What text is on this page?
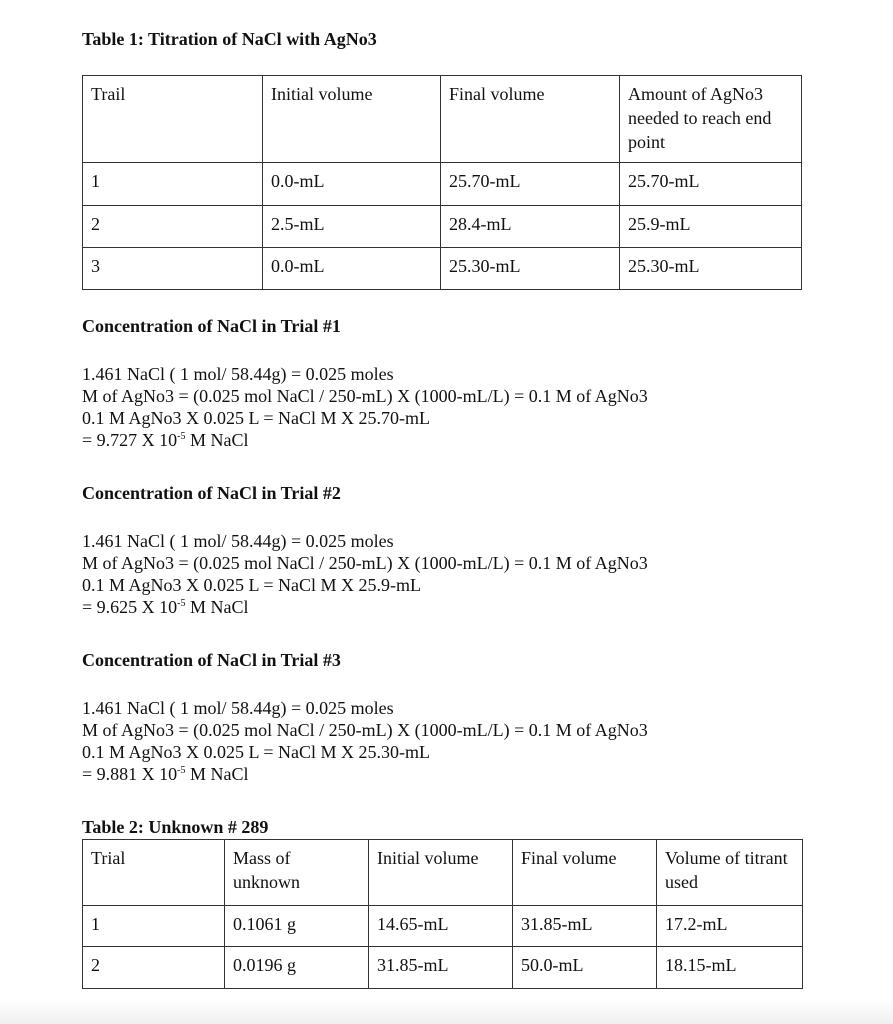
Table 1: Titration of NaCl with AgNo3
Trail	Initial volume	Final volume	Amount of AgNo3 needed to reach end point
1	0.0-mL	25.70-mL	25.70-mL
2	2.5-mL	28.4-mL	25.9-mL
3	0.0-mL	25.30-mL	25.30-mL
Concentration of NaCl in Trial #1
1.461 NaCl ( 1 mol/ 58.44g) = 0.025 moles
M of AgNo3 = (0.025 mol NaCl / 250-mL) X (1000-mL/L) = 0.1 M of AgNo3
0.1 M AgNo3 X 0.025 L = NaCl M X 25.70-mL
= 9.727 X $10^{-5}$ M NaCl
Concentration of NaCl in Trial #2
1.461 NaCl ( 1 mol/ 58.44g) = 0.025 moles
M of AgNo3 = (0.025 mol NaCl / 250-mL) X (1000-mL/L) = 0.1 M of AgNo3
0.1 M AgNo3 X 0.025 L = NaCl M X 25.9-mL
= 9.625 X $10^{-5}$ M NaCl
Concentration of NaCl in Trial #3
1.461 NaCl ( 1 mol/ 58.44g) = 0.025 moles
M of AgNo3 = (0.025 mol NaCl / 250-mL) X (1000-mL/L) = 0.1 M of AgNo3
0.1 M AgNo3 X 0.025 L = NaCl M X 25.30-mL
= 9.881 X $10^{-5}$ M NaCl
Table 2: Unknown # 289
Trial	Mass of unknown	Initial volume	Final volume	Volume of titrant used
1	0.1061 g	14.65-mL	31.85-mL	17.2-mL
2	0.0196 g	31.85-mL	50.0-mL	18.15-mL
